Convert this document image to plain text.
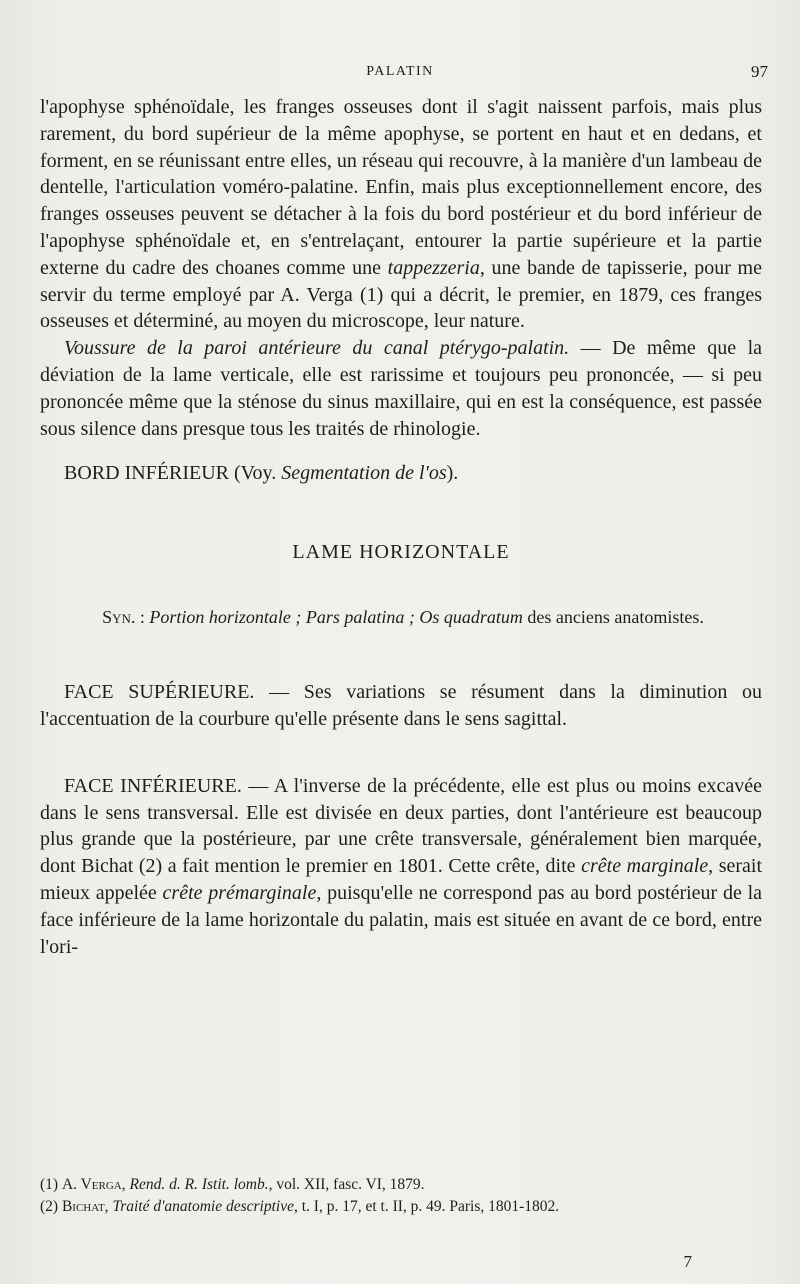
PALATIN	97

l'apophyse sphénoïdale, les franges osseuses dont il s'agit naissent parfois, mais plus rarement, du bord supérieur de la même apophyse, se portent en haut et en dedans, et forment, en se réunissant entre elles, un réseau qui recouvre, à la manière d'un lambeau de dentelle, l'articulation voméro-palatine. Enfin, mais plus exceptionnellement encore, des franges osseuses peuvent se détacher à la fois du bord postérieur et du bord inférieur de l'apophyse sphénoïdale et, en s'entrelaçant, entourer la partie supérieure et la partie externe du cadre des choanes comme une tappezzeria, une bande de tapisserie, pour me servir du terme employé par A. Verga (1) qui a décrit, le premier, en 1879, ces franges osseuses et déterminé, au moyen du microscope, leur nature.

Voussure de la paroi antérieure du canal ptérygo-palatin. — De même que la déviation de la lame verticale, elle est rarissime et toujours peu prononcée, — si peu prononcée même que la sténose du sinus maxillaire, qui en est la conséquence, est passée sous silence dans presque tous les traités de rhinologie.

BORD INFÉRIEUR (Voy. Segmentation de l'os).

LAME HORIZONTALE

Syn. : Portion horizontale ; Pars palatina ; Os quadratum des anciens anatomistes.

FACE SUPÉRIEURE. — Ses variations se résument dans la diminution ou l'accentuation de la courbure qu'elle présente dans le sens sagittal.

FACE INFÉRIEURE. — A l'inverse de la précédente, elle est plus ou moins excavée dans le sens transversal. Elle est divisée en deux parties, dont l'antérieure est beaucoup plus grande que la postérieure, par une crête transversale, généralement bien marquée, dont Bichat (2) a fait mention le premier en 1801. Cette crête, dite crête marginale, serait mieux appelée crête prémarginale, puisqu'elle ne correspond pas au bord postérieur de la face inférieure de la lame horizontale du palatin, mais est située en avant de ce bord, entre l'ori-

(1) A. Verga, Rend. d. R. Istit. lomb., vol. XII, fasc. VI, 1879.

(2) Bichat, Traité d'anatomie descriptive, t. I, p. 17, et t. II, p. 49. Paris, 1801-1802.

7
